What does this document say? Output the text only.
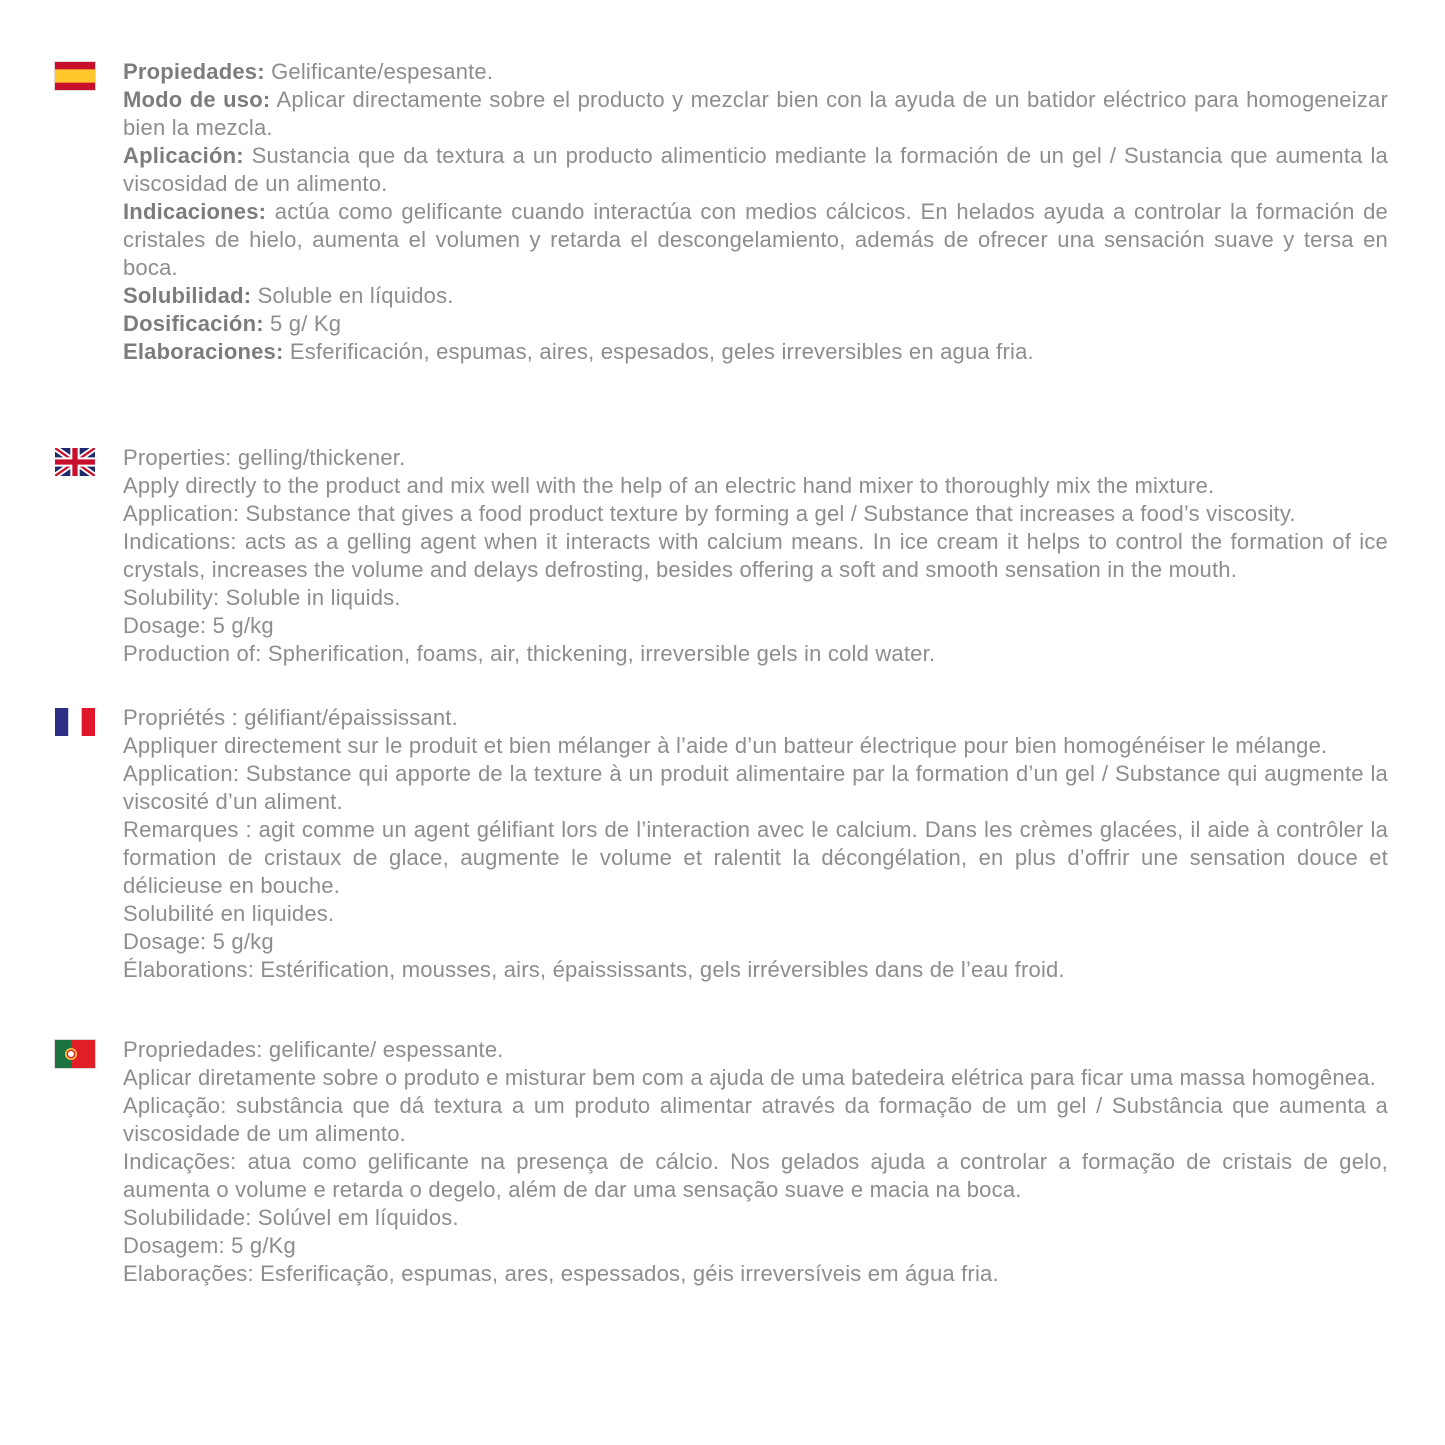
Propiedades: Gelificante/espesante.

Modo de uso: Aplicar directamente sobre el producto y mezclar bien con la ayuda de un batidor eléctrico para homogeneizar bien la mezcla.

Aplicación: Sustancia que da textura a un producto alimenticio mediante la formación de un gel / Sustancia que aumenta la viscosidad de un alimento.

Indicaciones: actúa como gelificante cuando interactúa con medios cálcicos. En helados ayuda a controlar la formación de cristales de hielo, aumenta el volumen y retarda el descongelamiento, además de ofrecer una sensación suave y tersa en boca.

Solubilidad: Soluble en líquidos.

Dosificación: 5 g/ Kg

Elaboraciones: Esferificación, espumas, aires, espesados, geles irreversibles en agua fria.

Properties: gelling/thickener.

Apply directly to the product and mix well with the help of an electric hand mixer to thoroughly mix the mixture.

Application: Substance that gives a food product texture by forming a gel / Substance that increases a food’s viscosity.

Indications: acts as a gelling agent when it interacts with calcium means. In ice cream it helps to control the formation of ice crystals, increases the volume and delays defrosting, besides offering a soft and smooth sensation in the mouth.

Solubility: Soluble in liquids.

Dosage: 5 g/kg

Production of: Spherification, foams, air, thickening, irreversible gels in cold water.

Propriétés : gélifiant/épaississant.

Appliquer directement sur le produit et bien mélanger à l’aide d’un batteur électrique pour bien homogénéiser le mélange.

Application: Substance qui apporte de la texture à un produit alimentaire par la formation d’un gel / Substance qui augmente la viscosité d’un aliment.

Remarques : agit comme un agent gélifiant lors de l’interaction avec le calcium. Dans les crèmes glacées, il aide à contrôler la formation de cristaux de glace, augmente le volume et ralentit la décongélation, en plus d’offrir une sensation douce et délicieuse en bouche.

Solubilité en liquides.

Dosage: 5 g/kg

Élaborations: Estérification, mousses, airs, épaississants, gels irréversibles dans de l’eau froid.

Propriedades: gelificante/ espessante.

Aplicar diretamente sobre o produto e misturar bem com a ajuda de uma batedeira elétrica para ficar uma massa homogênea.

Aplicação: substância que dá textura a um produto alimentar através da formação de um gel / Substância que aumenta a viscosidade de um alimento.

Indicações: atua como gelificante na presença de cálcio. Nos gelados ajuda a controlar a formação de cristais de gelo, aumenta o volume e retarda o degelo, além de dar uma sensação suave e macia na boca.

Solubilidade: Solúvel em líquidos.

Dosagem: 5 g/Kg

Elaborações: Esferificação, espumas, ares, espessados, géis irreversíveis em água fria.
